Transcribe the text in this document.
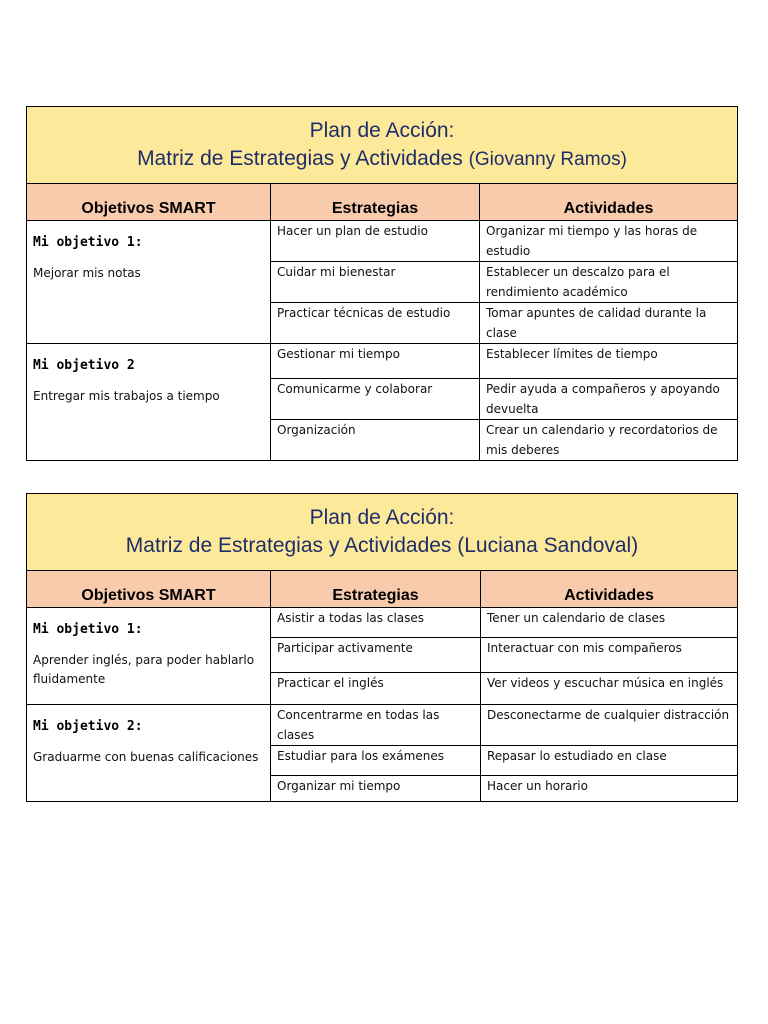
Plan de Acción:
Matriz de Estrategias y Actividades (Giovanny Ramos)		

Objetivos SMART	Estrategias	Actividades

Mi objetivo 1:
Mejorar mis notas	Hacer un plan de estudio	Organizar mi tiempo y las horas de estudio
	Cuidar mi bienestar	Establecer un descalzo para el rendimiento académico
	Practicar técnicas de estudio	Tomar apuntes de calidad durante la clase

Mi objetivo 2
Entregar mis trabajos a tiempo	Gestionar mi tiempo	Establecer límites de tiempo
	Comunicarme y colaborar	Pedir ayuda a compañeros y apoyando devuelta
	Organización	Crear un calendario y recordatorios de mis deberes
Plan de Acción:
Matriz de Estrategias y Actividades (Luciana Sandoval)		

Objetivos SMART	Estrategias	Actividades

Mi objetivo 1:
Aprender inglés, para poder hablarlo fluidamente	Asistir a todas las clases	Tener un calendario de clases
	Participar activamente	Interactuar con mis compañeros
	Practicar el inglés	Ver videos y escuchar música en inglés

Mi objetivo 2:
Graduarme con buenas calificaciones	Concentrarme en todas las clases	Desconectarme de cualquier distracción
	Estudiar para los exámenes	Repasar lo estudiado en clase
	Organizar mi tiempo	Hacer un horario
